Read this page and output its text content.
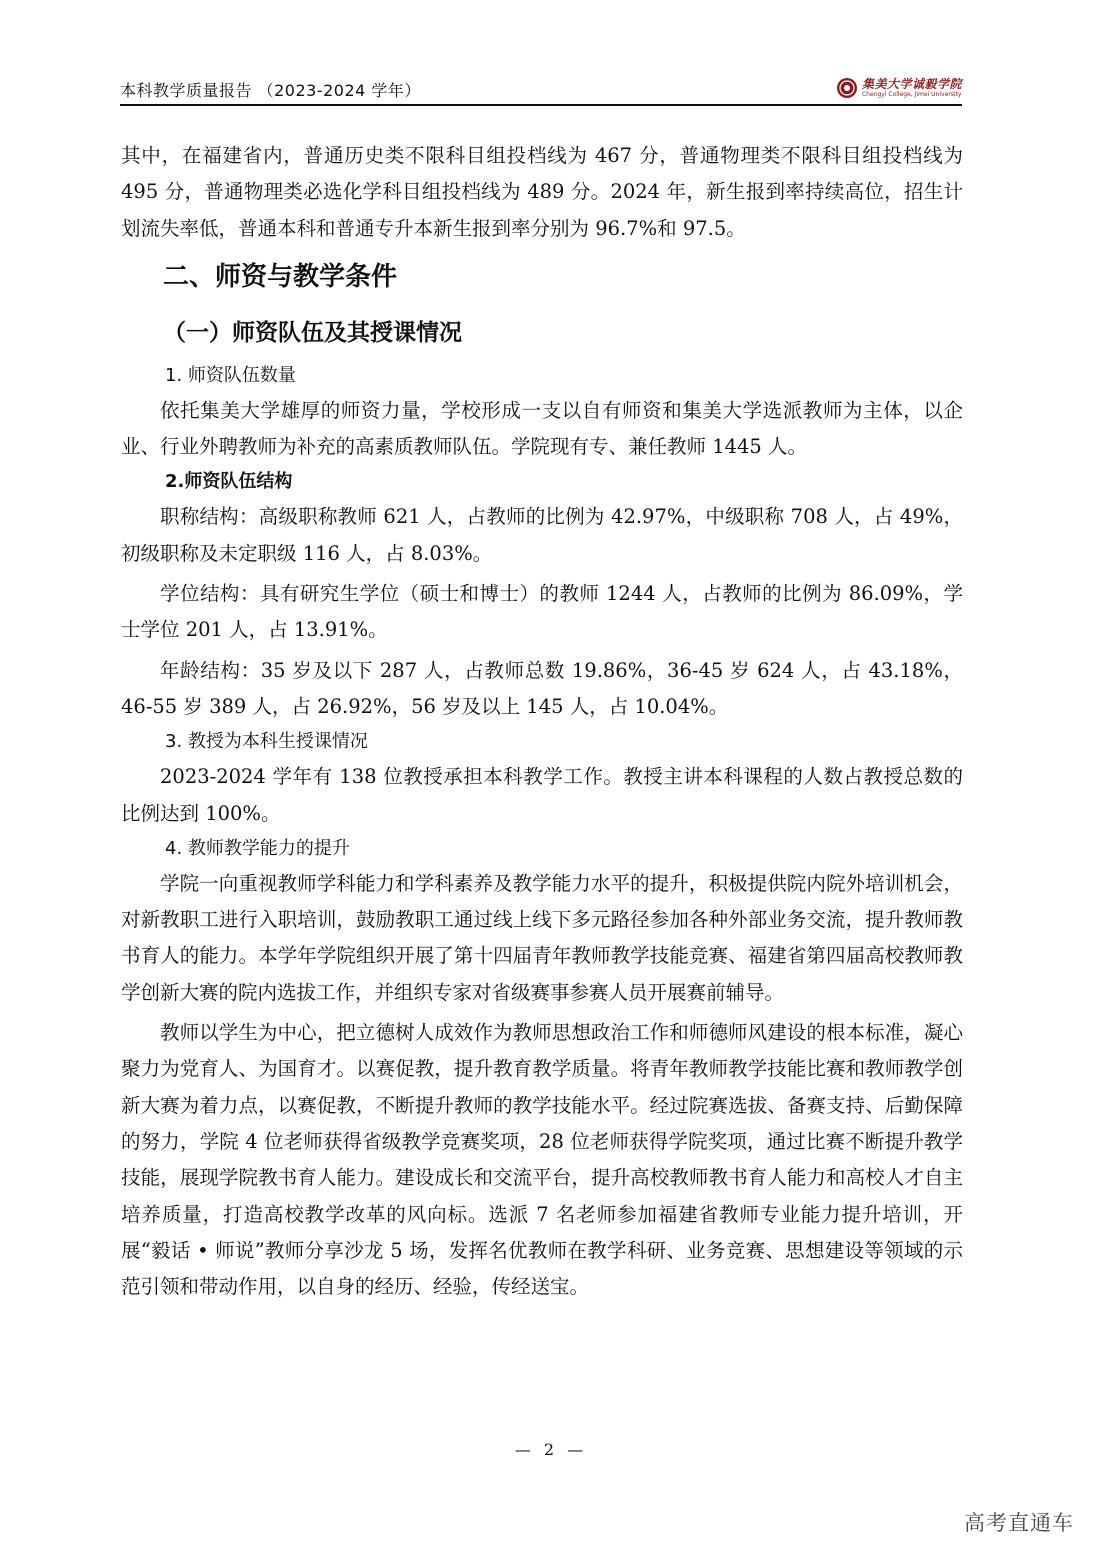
本科教学质量报告 （2023-2024 学年）	集美大学诚毅学院
Chengyi College, Jimei University

其中，在福建省内，普通历史类不限科目组投档线为 467 分，普通物理类不限科目组投档线为 495 分，普通物理类必选化学科目组投档线为 489 分。2024 年，新生报到率持续高位，招生计划流失率低，普通本科和普通专升本新生报到率分别为 96.7%和 97.5。

二、师资与教学条件
（一）师资队伍及其授课情况
1. 师资队伍数量

依托集美大学雄厚的师资力量，学校形成一支以自有师资和集美大学选派教师为主体，以企业、行业外聘教师为补充的高素质教师队伍。学院现有专、兼任教师 1445 人。

2.师资队伍结构

职称结构：高级职称教师 621 人，占教师的比例为 42.97%，中级职称 708 人，占 49%，初级职称及未定职级 116 人，占 8.03%。

学位结构：具有研究生学位（硕士和博士）的教师 1244 人，占教师的比例为 86.09%，学士学位 201 人，占 13.91%。

年龄结构：35 岁及以下 287 人，占教师总数 19.86%，36-45 岁 624 人，占 43.18%，46-55 岁 389 人，占 26.92%，56 岁及以上 145 人，占 10.04%。

3. 教授为本科生授课情况

2023-2024 学年有 138 位教授承担本科教学工作。教授主讲本科课程的人数占教授总数的比例达到 100%。

4. 教师教学能力的提升

学院一向重视教师学科能力和学科素养及教学能力水平的提升，积极提供院内院外培训机会，对新教职工进行入职培训，鼓励教职工通过线上线下多元路径参加各种外部业务交流，提升教师教书育人的能力。本学年学院组织开展了第十四届青年教师教学技能竞赛、福建省第四届高校教师教学创新大赛的院内选拔工作，并组织专家对省级赛事参赛人员开展赛前辅导。

教师以学生为中心，把立德树人成效作为教师思想政治工作和师德师风建设的根本标准，凝心聚力为党育人、为国育才。以赛促教，提升教育教学质量。将青年教师教学技能比赛和教师教学创新大赛为着力点，以赛促教，不断提升教师的教学技能水平。经过院赛选拔、备赛支持、后勤保障的努力，学院 4 位老师获得省级教学竞赛奖项，28 位老师获得学院奖项，通过比赛不断提升教学技能，展现学院教书育人能力。建设成长和交流平台，提升高校教师教书育人能力和高校人才自主培养质量，打造高校教学改革的风向标。选派 7 名老师参加福建省教师专业能力提升培训，开展“毅话 • 师说”教师分享沙龙 5 场，发挥名优教师在教学科研、业务竞赛、思想建设等领域的示范引领和带动作用，以自身的经历、经验，传经送宝。

— 2 —
高考直通车
